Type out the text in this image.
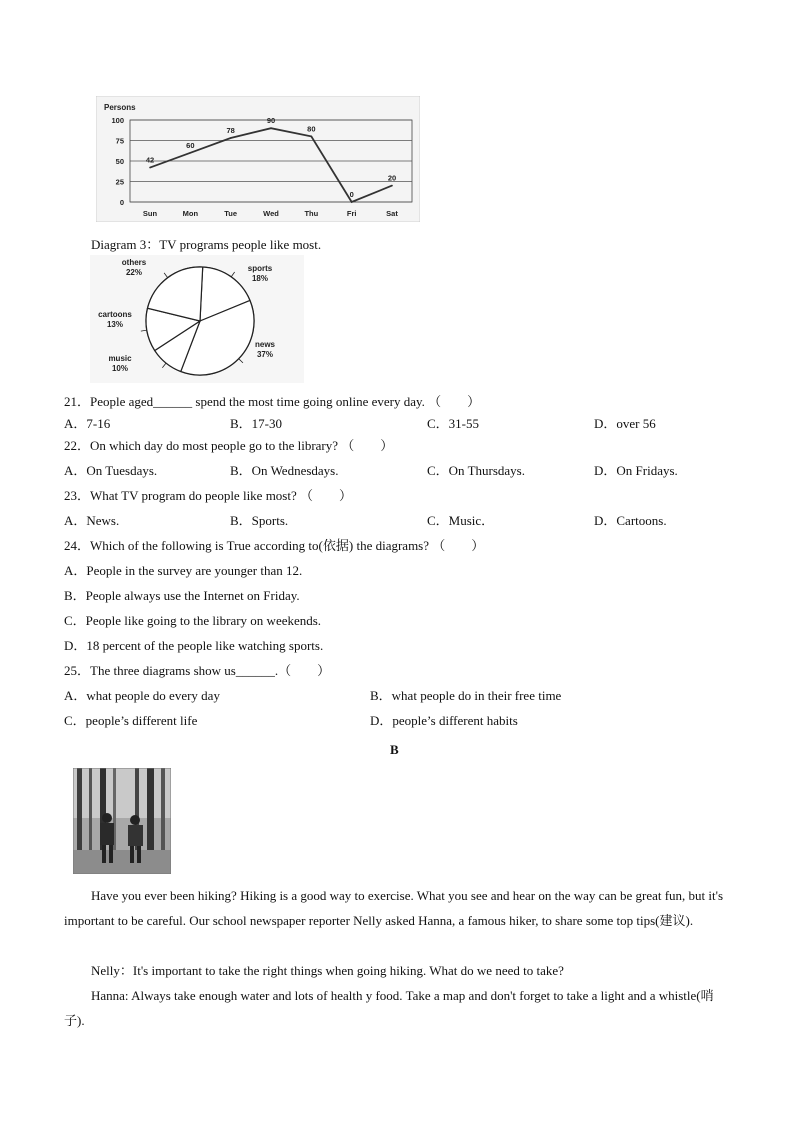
Persons
0
25
50
75
100
Sun	Mon	Tue	Wed	Thu	Fri	Sat
42
60
78
90
80
0
20
Diagram 3：TV programs people like most.
sports
18%
news
37%
music
10%
cartoons
13%
others
22%
21．People aged______ spend the most time going online every day. （　　）
A．7-16	B．17-30	C．31-55	D．over 56
22．On which day do most people go to the library? （　　）
A．On Tuesdays.	B．On Wednesdays.	C．On Thursdays.	D．On Fridays.
23．What TV program do people like most? （　　）
A．News.	B．Sports.	C．Music．	D．Cartoons.
24．Which of the following is True according to(依据) the diagrams? （　　）
A．People in the survey are younger than 12.
B．People always use the Internet on Friday.
C．People like going to the library on weekends.
D．18 percent of the people like watching sports.
25．The three diagrams show us______.（　　）
A．what people do every day	B．what people do in their free time
C．people’s different life	D．people’s different habits
B
Have you ever been hiking? Hiking is a good way to exercise. What you see and hear on the way can be great fun, but it's important to be careful. Our school newspaper reporter Nelly asked Hanna, a famous hiker, to share some top tips(建议).
Nelly：It's important to take the right things when going hiking. What do we need to take?
Hanna: Always take enough water and lots of health y food. Take a map and don't forget to take a light and a whistle(哨子).
